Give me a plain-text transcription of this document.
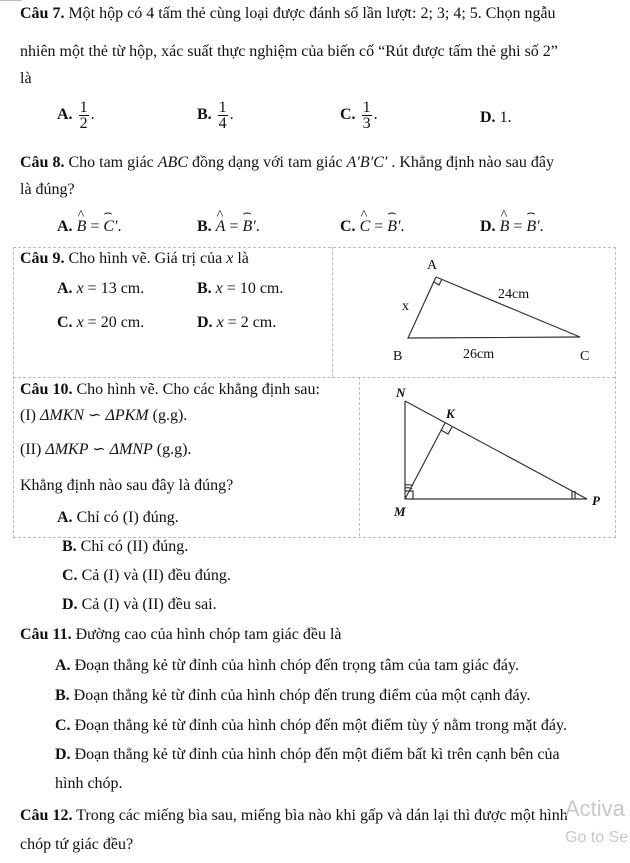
Câu 7. Một hộp có 4 tấm thẻ cùng loại được đánh số lần lượt: 2; 3; 4; 5. Chọn ngẫu
nhiên một thẻ từ hộp, xác suất thực nghiệm của biến cố “Rút được tấm thẻ ghi số 2”
là
A. $\frac{1}{2}$ .	B. $\frac{1}{4}$ .	C. $\frac{1}{3}$ .	D. 1.
Câu 8. Cho tam giác ABC đồng dạng với tam giác A′B′C′ . Khẳng định nào sau đây
là đúng?
A. ^ B = ⌢ C′.	B. ^ A = ⌢ B′.	C. ^ C = ⌢ B′.	D. ^ B = ⌢ B′.
Câu 9. Cho hình vẽ. Giá trị của x là
A. x = 13 cm.	B. x = 10 cm.
C. x = 20 cm.	D. x = 2 cm.
A
B	C
x
24cm
26cm
Câu 10. Cho hình vẽ. Cho các khẳng định sau:
(I) ΔMKN ∽ ΔPKM (g.g).
(II) ΔMKP ∽ ΔMNP (g.g).
Khẳng định nào sau đây là đúng?
A. Chỉ có (I) đúng.
B. Chỉ có (II) đúng.
C. Cả (I) và (II) đều đúng.
D. Cả (I) và (II) đều sai.
N
K
M
P
Câu 11. Đường cao của hình chóp tam giác đều là
A. Đoạn thẳng kẻ từ đỉnh của hình chóp đến trọng tâm của tam giác đáy.
B. Đoạn thẳng kẻ từ đỉnh của hình chóp đến trung điểm của một cạnh đáy.
C. Đoạn thẳng kẻ từ đỉnh của hình chóp đến một điểm tùy ý nằm trong mặt đáy.
D. Đoạn thẳng kẻ từ đỉnh của hình chóp đến một điểm bất kì trên cạnh bên của
hình chóp.
Câu 12. Trong các miếng bìa sau, miếng bìa nào khi gấp và dán lại thì được một hình
chóp tứ giác đều?
Activa
Go to Se
